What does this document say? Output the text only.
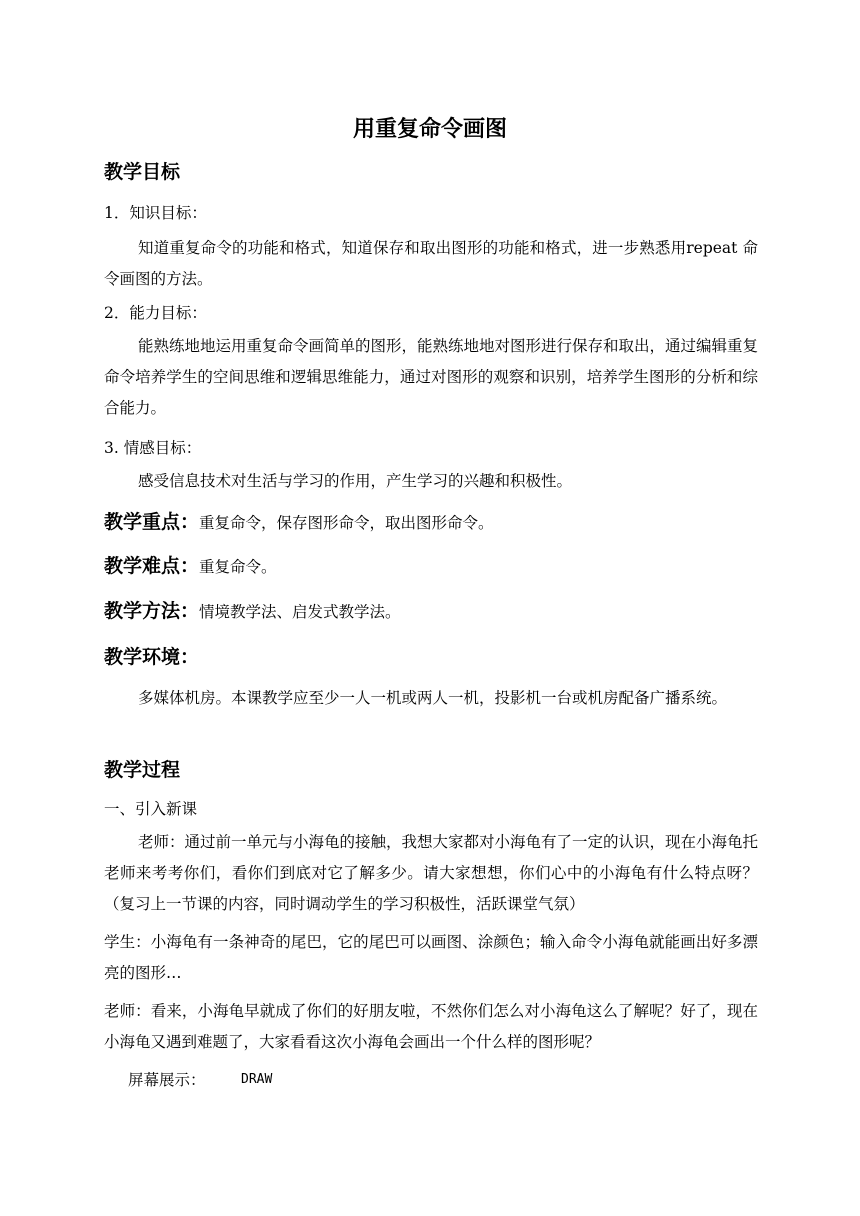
用重复命令画图
教学目标

1．知识目标：

知道重复命令的功能和格式，知道保存和取出图形的功能和格式，进一步熟悉用repeat 命令画图的方法。

2．能力目标：

能熟练地地运用重复命令画简单的图形，能熟练地地对图形进行保存和取出，通过编辑重复命令培养学生的空间思维和逻辑思维能力，通过对图形的观察和识别，培养学生图形的分析和综合能力。

3. 情感目标：

感受信息技术对生活与学习的作用，产生学习的兴趣和积极性。

教学重点：重复命令，保存图形命令，取出图形命令。

教学难点：重复命令。

教学方法：情境教学法、启发式教学法。

教学环境：

多媒体机房。本课教学应至少一人一机或两人一机，投影机一台或机房配备广播系统。

教学过程

一、引入新课

老师：通过前一单元与小海龟的接触，我想大家都对小海龟有了一定的认识，现在小海龟托老师来考考你们，看你们到底对它了解多少。请大家想想，你们心中的小海龟有什么特点呀？（复习上一节课的内容，同时调动学生的学习积极性，活跃课堂气氛）

学生：小海龟有一条神奇的尾巴，它的尾巴可以画图、涂颜色；输入命令小海龟就能画出好多漂亮的图形…

老师：看来，小海龟早就成了你们的好朋友啦，不然你们怎么对小海龟这么了解呢？好了，现在小海龟又遇到难题了，大家看看这次小海龟会画出一个什么样的图形呢？

屏幕展示：	DRAW
